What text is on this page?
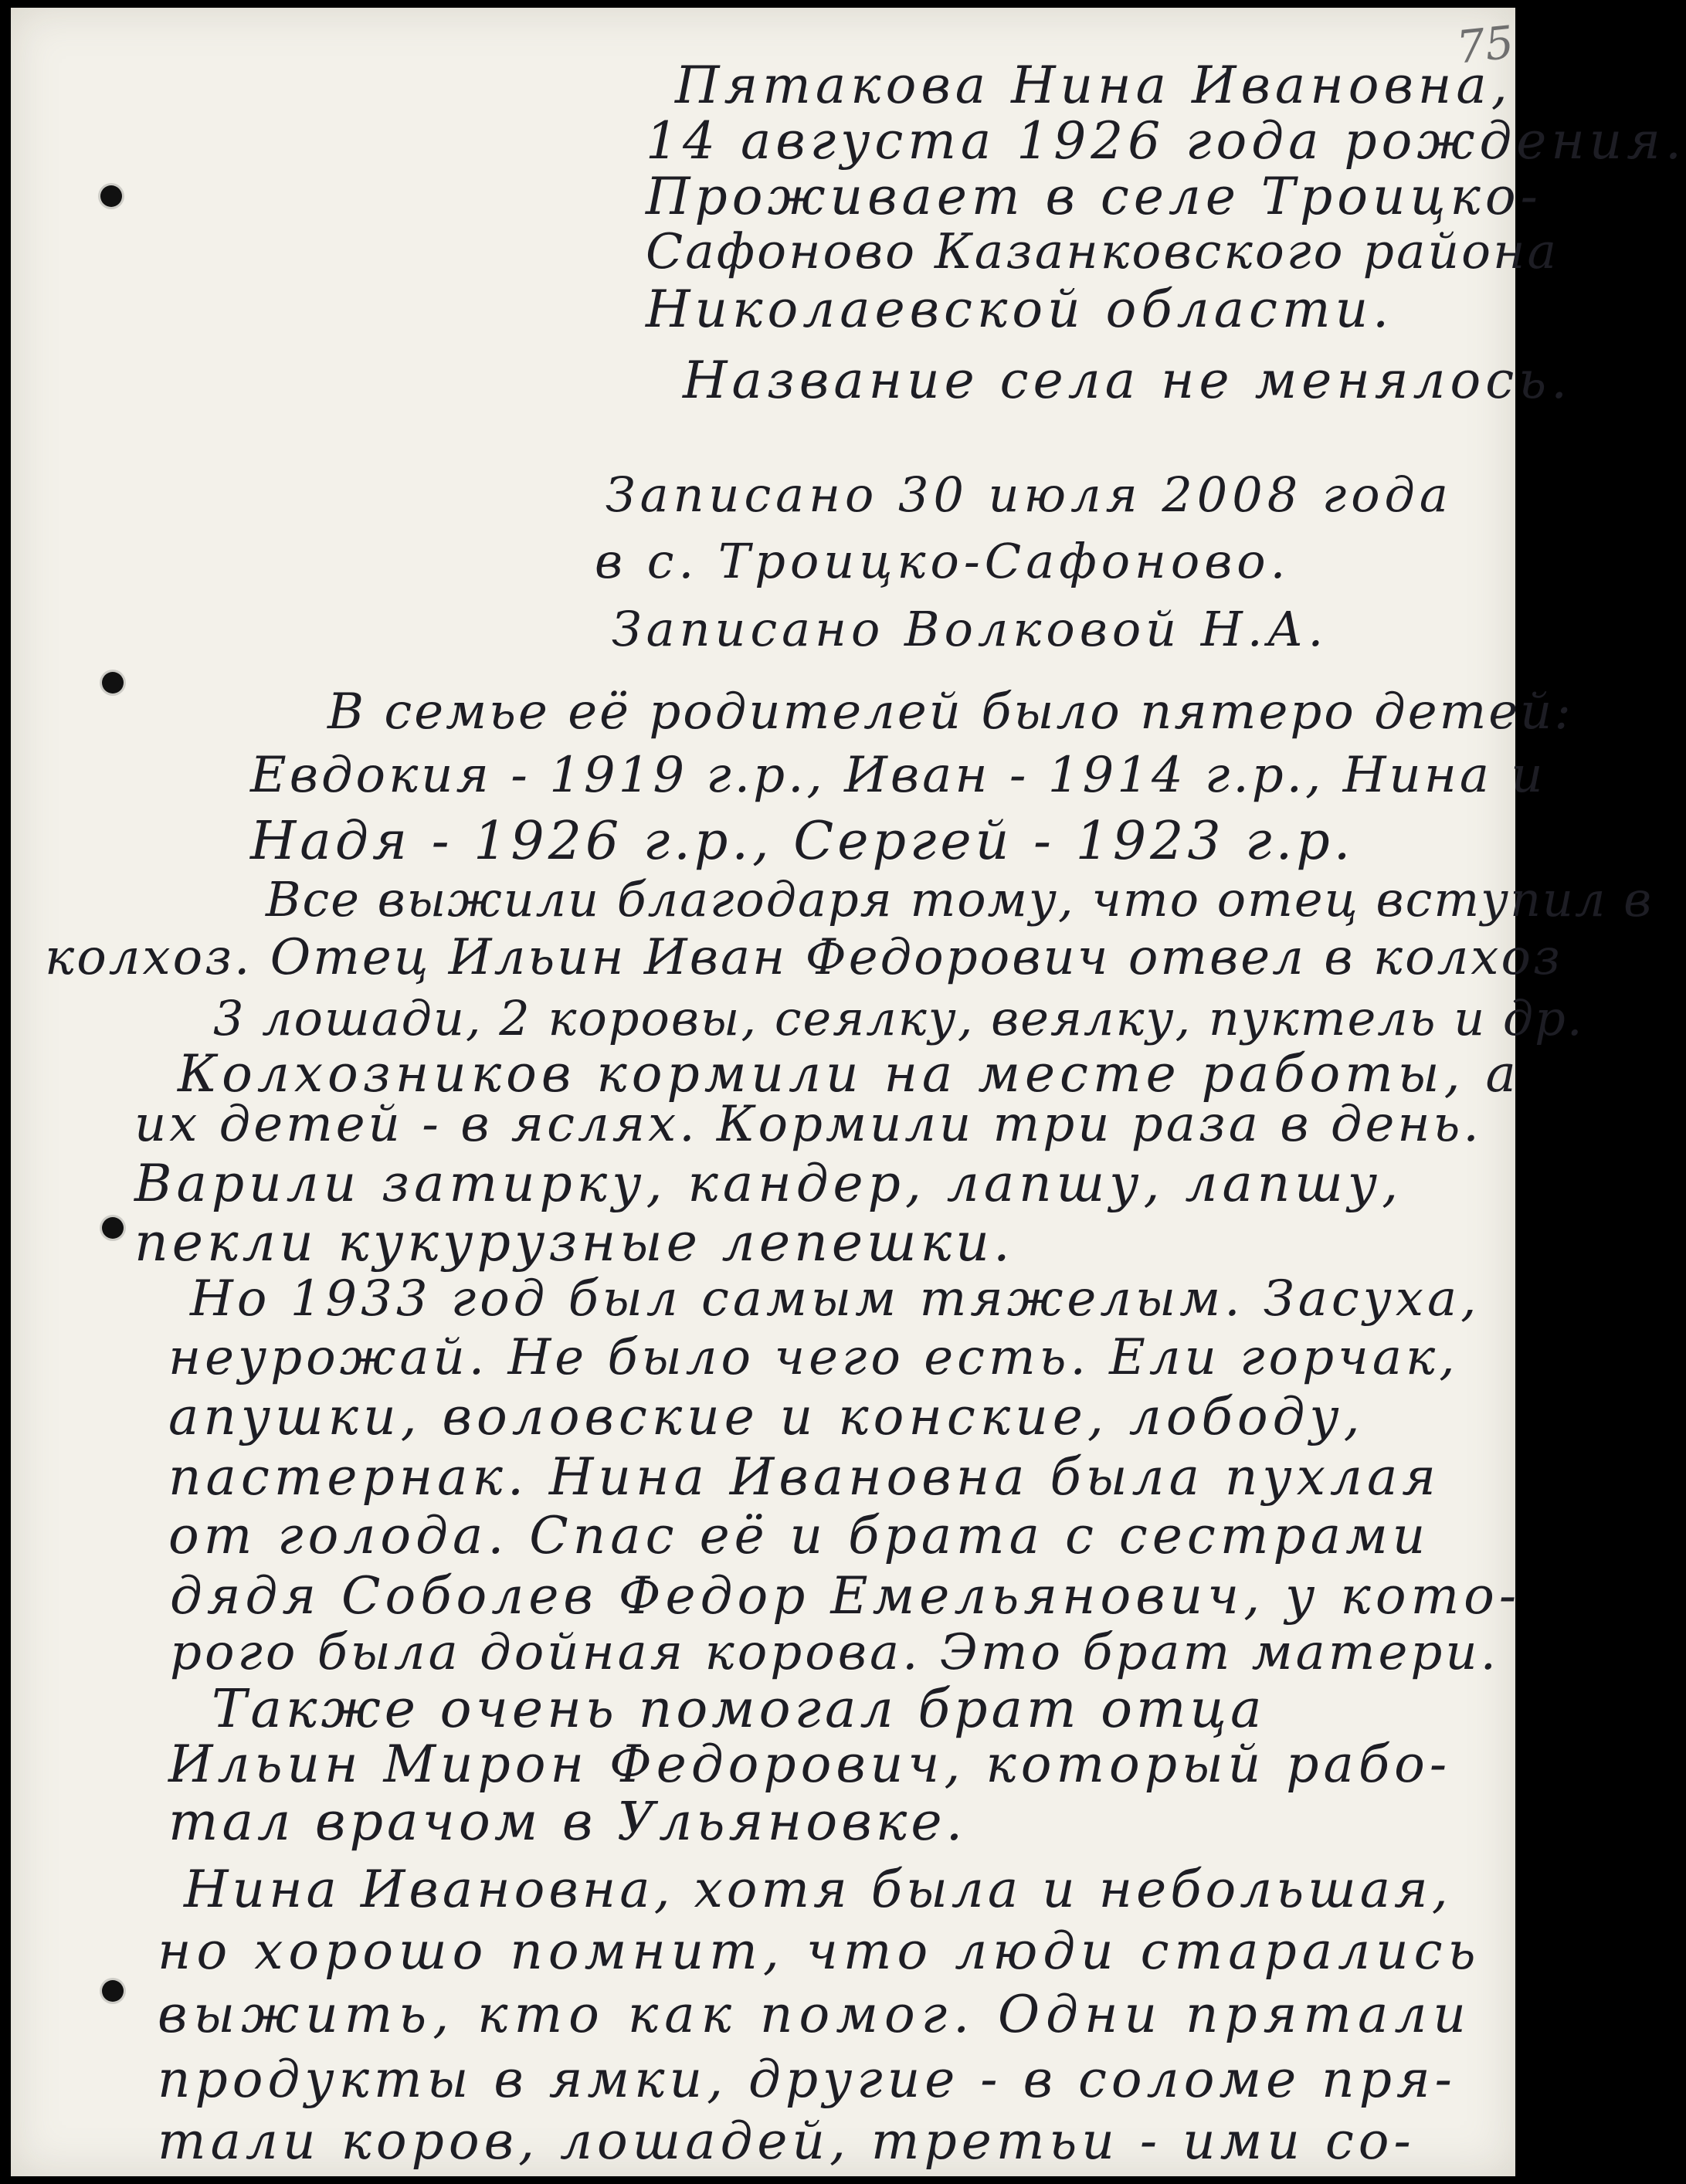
75
Пятакова Нина Ивановна,
14 августа 1926 года рождения.
Проживает в селе Троицко-
Сафоново Казанковского района
Николаевской области.
Название села не менялось.
Записано 30 июля 2008 года
в с. Троицко-Сафоново.
Записано Волковой Н.А.
В семье её родителей было пятеро детей:
Евдокия - 1919 г.р., Иван - 1914 г.р., Нина и
Надя - 1926 г.р., Сергей - 1923 г.р.
Все выжили благодаря тому, что отец вступил в
колхоз. Отец Ильин Иван Федорович отвел в колхоз
3 лошади, 2 коровы, сеялку, веялку, пуктель и др.
Колхозников кормили на месте работы, а
их детей - в яслях. Кормили три раза в день.
Варили затирку, кандер, лапшу, лапшу,
пекли кукурузные лепешки.
Но 1933 год был самым тяжелым. Засуха,
неурожай. Не было чего есть. Ели горчак,
апушки, воловские и конские, лободу,
пастернак. Нина Ивановна была пухлая
от голода. Спас её и брата с сестрами
дядя Соболев Федор Емельянович, у кото-
рого была дойная корова. Это брат матери.
Также очень помогал брат отца
Ильин Мирон Федорович, который рабо-
тал врачом в Ульяновке.
Нина Ивановна, хотя была и небольшая,
но хорошо помнит, что люди старались
выжить, кто как помог. Одни прятали
продукты в ямки, другие - в соломе пря-
тали коров, лошадей, третьи - ими со-
